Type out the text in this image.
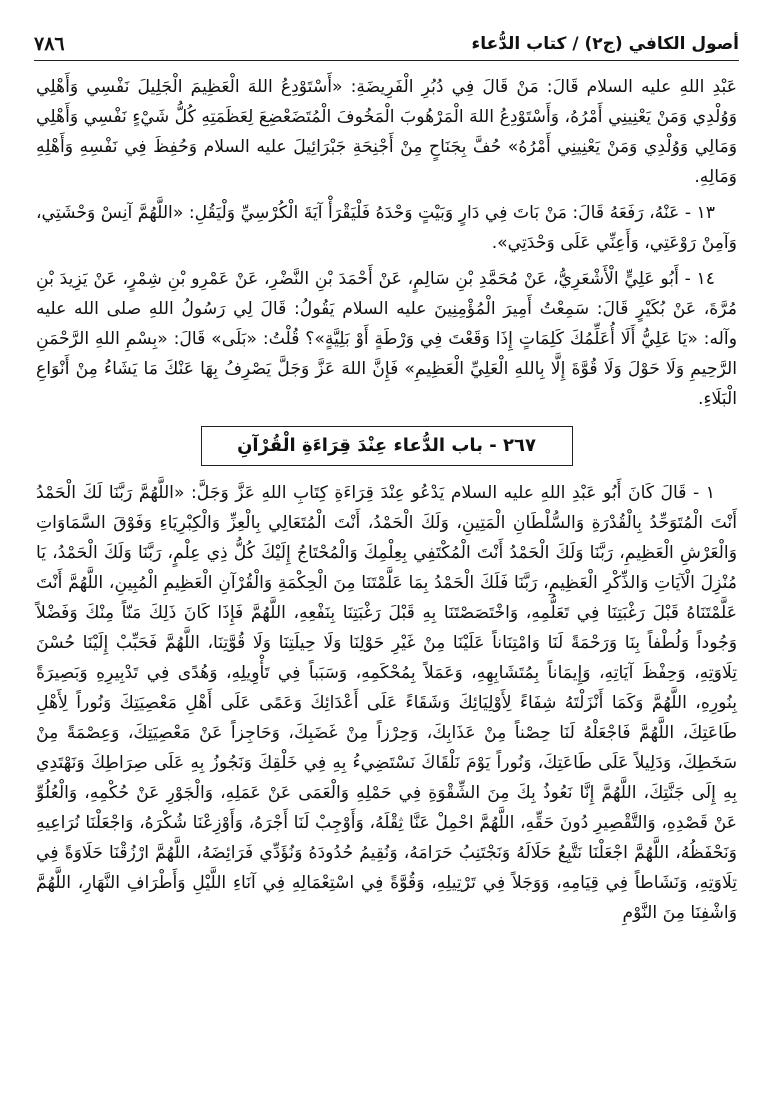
٧٨٦	أصول الكافي (ج٢) / كتاب الدُّعاء

عَبْدِ اللهِ عليه السلام قَالَ: مَنْ قَالَ فِي دُبُرِ الْفَرِيضَةِ: «أَسْتَوْدِعُ اللهَ الْعَظِيمَ الْجَلِيلَ نَفْسِي وَأَهْلِي وَوُلْدِي وَمَنْ يَعْنِينِي أَمْرُهُ، وَأَسْتَوْدِعُ اللهَ الْمَرْهُوبَ الْمَخُوفَ الْمُتَضَعْضِعَ لِعَظَمَتِهِ كُلُّ شَيْءٍ نَفْسِي وَأَهْلِي وَمَالِي وَوُلْدِي وَمَنْ يَعْنِينِي أَمْرُهُ» حُفَّ بِجَنَاحٍ مِنْ أَجْنِحَةِ جَبْرَائِيلَ عليه السلام وَحُفِظَ فِي نَفْسِهِ وَأَهْلِهِ وَمَالِهِ.

١٣ - عَنْهُ، رَفَعَهُ قَالَ: مَنْ بَاتَ فِي دَارٍ وَبَيْتٍ وَحْدَهُ فَلْيَقْرَأْ آيَةَ الْكُرْسِيِّ وَلْيَقُلِ: «اللَّهُمَّ آنِسْ وَحْشَتِي، وَآمِنْ رَوْعَتِي، وَأَعِنِّي عَلَى وَحْدَتِي».

١٤ - أَبُو عَلِيٍّ الْأَشْعَرِيُّ، عَنْ مُحَمَّدِ بْنِ سَالِمٍ، عَنْ أَحْمَدَ بْنِ النَّضْرِ، عَنْ عَمْرِو بْنِ شِمْرٍ، عَنْ يَزِيدَ بْنِ مُرَّةَ، عَنْ بُكَيْرٍ قَالَ: سَمِعْتُ أَمِيرَ الْمُؤْمِنِينَ عليه السلام يَقُولُ: قَالَ لِي رَسُولُ اللهِ صلى الله عليه وآله: «يَا عَلِيُّ أَلَا أُعَلِّمُكَ كَلِمَاتٍ إِذَا وَقَعْتَ فِي وَرْطَةٍ أَوْ بَلِيَّةٍ»؟ قُلْتُ: «بَلَى» قَالَ: «بِسْمِ اللهِ الرَّحْمَنِ الرَّحِيمِ وَلَا حَوْلَ وَلَا قُوَّةَ إِلَّا بِاللهِ الْعَلِيِّ الْعَظِيمِ» فَإِنَّ اللهَ عَزَّ وَجَلَّ يَصْرِفُ بِهَا عَنْكَ مَا يَشَاءُ مِنْ أَنْوَاعِ الْبَلَاءِ.

٢٦٧ - باب الدُّعاء عِنْدَ قِرَاءَةِ الْقُرْآنِ

١ - قَالَ كَانَ أَبُو عَبْدِ اللهِ عليه السلام يَدْعُو عِنْدَ قِرَاءَةِ كِتَابِ اللهِ عَزَّ وَجَلَّ: «اللَّهُمَّ رَبَّنَا لَكَ الْحَمْدُ أَنْتَ الْمُتَوَحِّدُ بِالْقُدْرَةِ وَالسُّلْطَانِ الْمَتِينِ، وَلَكَ الْحَمْدُ، أَنْتَ الْمُتَعَالِي بِالْعِزِّ وَالْكِبْرِيَاءِ وَفَوْقَ السَّمَاوَاتِ وَالْعَرْشِ الْعَظِيمِ، رَبَّنَا وَلَكَ الْحَمْدُ أَنْتَ الْمُكْتَفِي بِعِلْمِكَ وَالْمُحْتَاجُ إِلَيْكَ كُلُّ ذِي عِلْمٍ، رَبَّنَا وَلَكَ الْحَمْدُ، يَا مُنْزِلَ الْآيَاتِ وَالذِّكْرِ الْعَظِيمِ، رَبَّنَا فَلَكَ الْحَمْدُ بِمَا عَلَّمْتَنَا مِنَ الْحِكْمَةِ وَالْقُرْآنِ الْعَظِيمِ الْمُبِينِ، اللَّهُمَّ أَنْتَ عَلَّمْتَنَاهُ قَبْلَ رَغْبَتِنَا فِي تَعَلُّمِهِ، وَاخْتَصَصْتَنَا بِهِ قَبْلَ رَغْبَتِنَا بِنَفْعِهِ، اللَّهُمَّ فَإِذَا كَانَ ذَلِكَ مَنّاً مِنْكَ وَفَضْلاً وَجُوداً وَلُطْفاً بِنَا وَرَحْمَةً لَنَا وَامْتِنَاناً عَلَيْنَا مِنْ غَيْرِ حَوْلِنَا وَلَا حِيلَتِنَا وَلَا قُوَّتِنَا، اللَّهُمَّ فَحَبِّبْ إِلَيْنَا حُسْنَ تِلَاوَتِهِ، وَحِفْظَ آيَاتِهِ، وَإِيمَاناً بِمُتَشَابِهِهِ، وَعَمَلاً بِمُحْكَمِهِ، وَسَبَباً فِي تَأْوِيلِهِ، وَهُدًى فِي تَدْبِيرِهِ وَبَصِيرَةً بِنُورِهِ، اللَّهُمَّ وَكَمَا أَنْزَلْتَهُ شِفَاءً لِأَوْلِيَائِكَ وَشَقَاءً عَلَى أَعْدَائِكَ وَعَمًى عَلَى أَهْلِ مَعْصِيَتِكَ وَنُوراً لِأَهْلِ طَاعَتِكَ، اللَّهُمَّ فَاجْعَلْهُ لَنَا حِصْناً مِنْ عَذَابِكَ، وَحِرْزاً مِنْ غَضَبِكَ، وَحَاجِزاً عَنْ مَعْصِيَتِكَ، وَعِصْمَةً مِنْ سَخَطِكَ، وَدَلِيلاً عَلَى طَاعَتِكَ، وَنُوراً يَوْمَ نَلْقَاكَ نَسْتَضِيءُ بِهِ فِي خَلْقِكَ وَنَجُوزُ بِهِ عَلَى صِرَاطِكَ وَنَهْتَدِي بِهِ إِلَى جَنَّتِكَ، اللَّهُمَّ إِنَّا نَعُوذُ بِكَ مِنَ الشِّقْوَةِ فِي حَمْلِهِ وَالْعَمَى عَنْ عَمَلِهِ، وَالْجَوْرِ عَنْ حُكْمِهِ، وَالْعُلُوِّ عَنْ قَصْدِهِ، وَالتَّقْصِيرِ دُونَ حَقِّهِ، اللَّهُمَّ احْمِلْ عَنَّا ثِقْلَهُ، وَأَوْجِبْ لَنَا أَجْرَهُ، وَأَوْزِعْنَا شُكْرَهُ، وَاجْعَلْنَا نُرَاعِيهِ وَنَحْفَظُهُ، اللَّهُمَّ اجْعَلْنَا نَتَّبِعُ حَلَالَهُ وَنَجْتَنِبُ حَرَامَهُ، وَنُقِيمُ حُدُودَهُ وَنُؤَدِّي فَرَائِضَهُ، اللَّهُمَّ ارْزُقْنَا حَلَاوَةً فِي تِلَاوَتِهِ، وَنَشَاطاً فِي قِيَامِهِ، وَوَجَلاً فِي تَرْتِيلِهِ، وَقُوَّةً فِي اسْتِعْمَالِهِ فِي آنَاءِ اللَّيْلِ وَأَطْرَافِ النَّهَارِ، اللَّهُمَّ وَاشْفِنَا مِنَ النَّوْمِ
